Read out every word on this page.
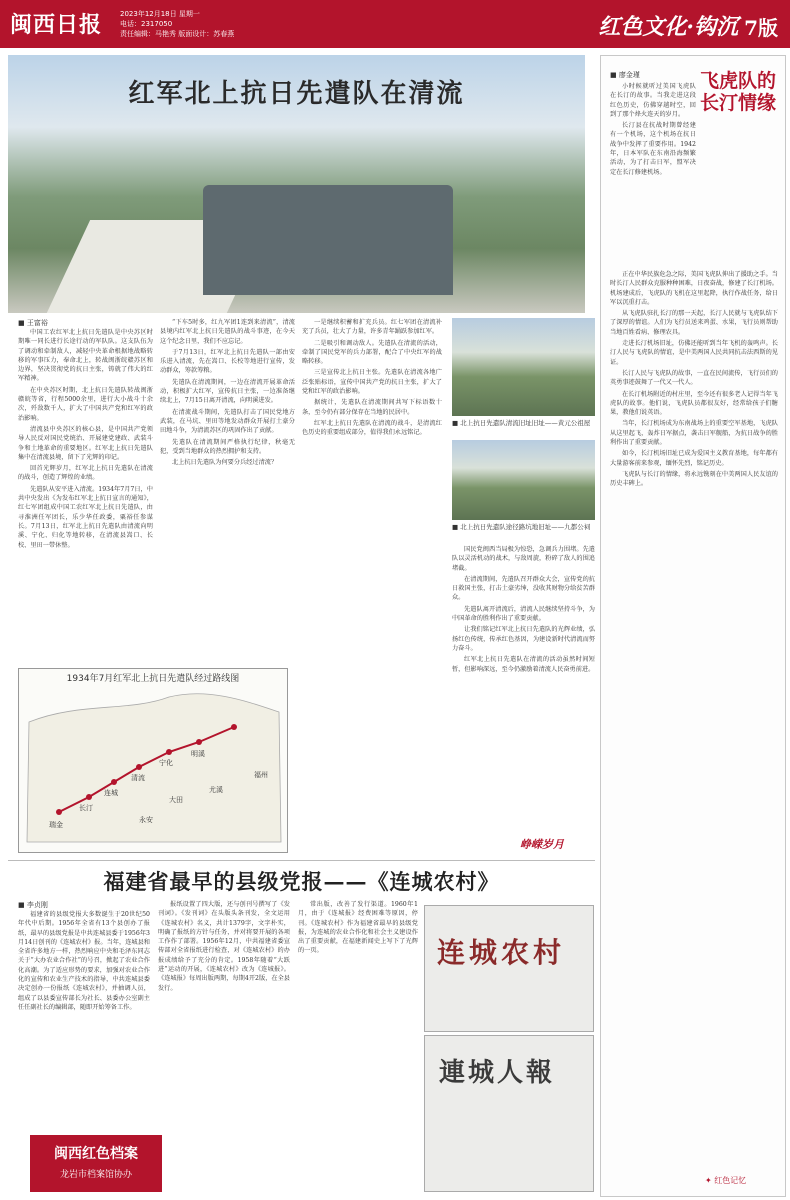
闽西日报	2023年12月18日 星期一
电话：2317050
责任编辑：马艳秀 版面设计：苏春燕	红色文化·钩沉 7版
红军北上抗日先遣队在清流
■ 王富裕

中国工农红军北上抗日先遣队是中央苏区时期唯一同长进行长途行动的军队队。这支队伍为了调动和牵制敌人，减轻中央革命根据地战略转移的军事压力，奉命北上，转战闽浙皖赣苏区和边界，坚决贯彻党的抗日主张，铸就了伟大的红军精神。

在中央苏区时期，北上抗日先遣队转战闽浙赣皖等省，行程5000余里，进行大小战斗十余次，歼敌数千人，扩大了中国共产党和红军的政治影响。

清流县中央苏区的核心县，是中国共产党领导人民反对国民党统治、开展建党建政、武装斗争和土地革命的重要地区。红军北上抗日先遣队集中在清流县境，留下了光辉的印记。

回首光辉岁月，红军北上抗日先遣队在清流的战斗，创造了辉煌的业绩。

先遣队从安平进入清流。1934年7月7日，中共中央发出《为发布红军北上抗日宣言的通知》，红七军团组成中国工农红军北上抗日先遣队，由寻淮洲任军团长，乐少华任政委，粟裕任参谋长。7月13日，红军北上抗日先遣队由清流向明溪、宁化、归化等地转移，在清流县嵩口、长校、里田一带休整。

“下车5时多，红九军团1连到来清流”，清流县境内红军北上抗日先遣队的战斗事迹，在今天这个纪念日里，我们不应忘记。

于7月13日，红军北上抗日先遣队一部由安乐进入清流，先在嵩口、长校等地进行宣传，发动群众，筹款筹粮。

先遣队在清流期间，一边在清流开展革命活动，积极扩大红军，宣传抗日主张，一边准备继续北上，7月15日离开清流，向明溪进发。

在清流战斗期间，先遣队打击了国民党地方武装，在马坑、里田等地发动群众开展打土豪分田地斗争，为清流苏区的巩固作出了贡献。

先遣队在清流期间严格执行纪律，秋毫无犯，受到当地群众的热烈拥护和支持。

北上抗日先遣队为何要分兵经过清流？

一是继续积蓄和扩充兵员。红七军团在清流补充了兵员，壮大了力量，许多青年踊跃参加红军。

二是吸引和调动敌人。先遣队在清流的活动，牵制了国民党军的兵力部署，配合了中央红军的战略转移。

三是宣传北上抗日主张。先遣队在清流各地广泛张贴标语，宣传中国共产党的抗日主张，扩大了党和红军的政治影响。

据统计，先遣队在清流期间共写下标语数十条，至今仍有部分保存在当地的民居中。

红军北上抗日先遣队在清流的战斗，是清流红色历史的重要组成部分，值得我们永远铭记。

■ 北上抗日先遣队清流旧址旧址——黄元公祖屋
■ 北上抗日先遣队途径路坑地旧址——九都公祠

国民党闽西当局极为惊恐，急调兵力围堵。先遣队以灵活机动的战术，与敌周旋，粉碎了敌人的围追堵截。

在清流期间，先遣队召开群众大会，宣传党的抗日救国主张，打击土豪劣绅，没收其财物分给贫苦群众。

先遣队离开清流后，清流人民继续坚持斗争，为中国革命的胜利作出了重要贡献。

让我们铭记红军北上抗日先遣队的光辉业绩，弘扬红色传统，传承红色基因，为建设新时代清流而努力奋斗。

红军北上抗日先遣队在清流的活动虽然时间短暂，但影响深远，至今仍激励着清流人民奋勇前进。

峥嵘岁月
1934年7月红军北上抗日先遣队经过路线图
瑞金
长汀
连城
清流
宁化
明溪
大田
尤溪
福州
永安
福建省最早的县级党报——《连城农村》
■ 李贞刚

福建省的县级党报大多数诞生于20世纪50年代中后期。1956年全省有13个县创办了报纸，最早的县级党报是中共连城县委于1956年3月14日创刊的《连城农村》报。当年，连城县和全省许多地方一样，热烈响应中央和毛泽东同志关于“大办农业合作社”的号召，掀起了农业合作化高潮。为了适应形势的要求，加强对农业合作化的宣传和农业生产技术的指导，中共连城县委决定创办一份报纸《连城农村》，并抽调人员，组成了以县委宣传部长为社长、县委办公室副主任任副社长的编辑部，随即开始筹备工作。

报纸设置了四大版，还与创刊号撰写了《发刊词》。《发刊词》在头版头条刊发，全文运用《连城农村》名义，共计1379字，文字朴实，明确了报纸的方针与任务，并对将要开展的各项工作作了部署。1956年12月，中共福建省委宣传部对全省报纸进行检查，对《连城农村》的办报成绩给予了充分的肯定。1958年随着“大跃进”运动的开展，《连城农村》改为《连城报》。《连城报》每周出版两期，每期4开2版，在全县发行。

常出版，改善了发行渠道。1960年1月，由于《连城报》经费困难等原因，停刊。《连城农村》作为福建省最早的县级党报，为连城的农业合作化和社会主义建设作出了重要贡献，在福建新闻史上写下了光辉的一页。	连城农村
連城人報
闽西红色档案
龙岩市档案馆协办
飞虎队的长汀情缘
■ 廖金瑾

小时候就听过美国飞虎队在长汀的故事。当我走进这段红色历史，仿佛穿越时空，回到了那个烽火连天的岁月。

长汀县在抗战时期曾经建有一个机场，这个机场在抗日战争中发挥了重要作用。1942年，日本军队在东南沿海频繁活动，为了打击日军，盟军决定在长汀修建机场。

正在中华民族危急之际，美国飞虎队伸出了援助之手。当时长汀人民群众克服种种困难，日夜奋战，修建了长汀机场。机场建成后，飞虎队的飞机在这里起降，执行作战任务，给日军以沉重打击。

从飞虎队驻扎长汀的那一天起，长汀人民就与飞虎队结下了深厚的情谊。人们为飞行员送来鸡蛋、水果，飞行员则帮助当地百姓看病、修理农具。

走进长汀机场旧址，仿佛还能听到当年飞机的轰鸣声。长汀人民与飞虎队的情谊，是中美两国人民共同抗击法西斯的见证。

长汀人民与飞虎队的故事，一直在民间流传，飞行员们的英勇事迹鼓舞了一代又一代人。

在长汀机场附近的村庄里，至今还有很多老人记得当年飞虎队的故事。他们说，飞虎队员都很友好，经常给孩子们糖果，教他们说英语。

当年，长汀机场成为东南战场上的重要空军基地，飞虎队从这里起飞，轰炸日军据点，袭击日军舰船，为抗日战争的胜利作出了重要贡献。

如今，长汀机场旧址已成为爱国主义教育基地，每年都有大量游客前来参观，缅怀先烈，铭记历史。

飞虎队与长汀的情缘，将永远镌刻在中美两国人民友谊的历史丰碑上。

✦ 红色记忆
